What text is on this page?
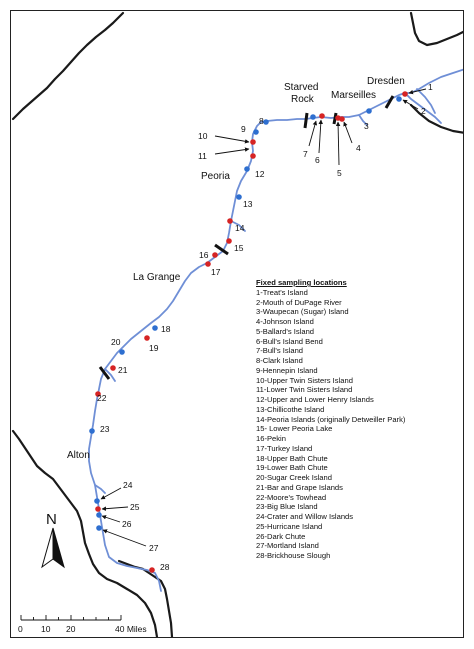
1
2
3
4
5
6
7
8
9
10
11
12
13
14
15
16
17
18
19
20
21
22
23
24
25
26
27
28
Dresden
Starved
Rock Marseilles
Peoria
La Grange
Alton
N
0 10 20	40 Miles
Fixed sampling locations
1-Treat's Island
2-Mouth of DuPage River
3-Waupecan (Sugar) Island
4-Johnson Island
5-Ballard's Island
6-Bull's Island Bend
7-Bull's Island
8-Clark Island
9-Hennepin Island
10-Upper Twin Sisters Island
11-Lower Twin Sisters Island
12-Upper and Lower Henry Islands
13-Chillicothe Island
14-Peoria Islands (originally Detweiller Park)
15- Lower Peoria Lake
16-Pekin
17-Turkey Island
18-Upper Bath Chute
19-Lower Bath Chute
20-Sugar Creek Island
21-Bar and Grape Islands
22-Moore's Towhead
23-Big Blue Island
24-Crater and Willow Islands
25-Hurricane Island
26-Dark Chute
27-Mortland Island
28-Brickhouse Slough
